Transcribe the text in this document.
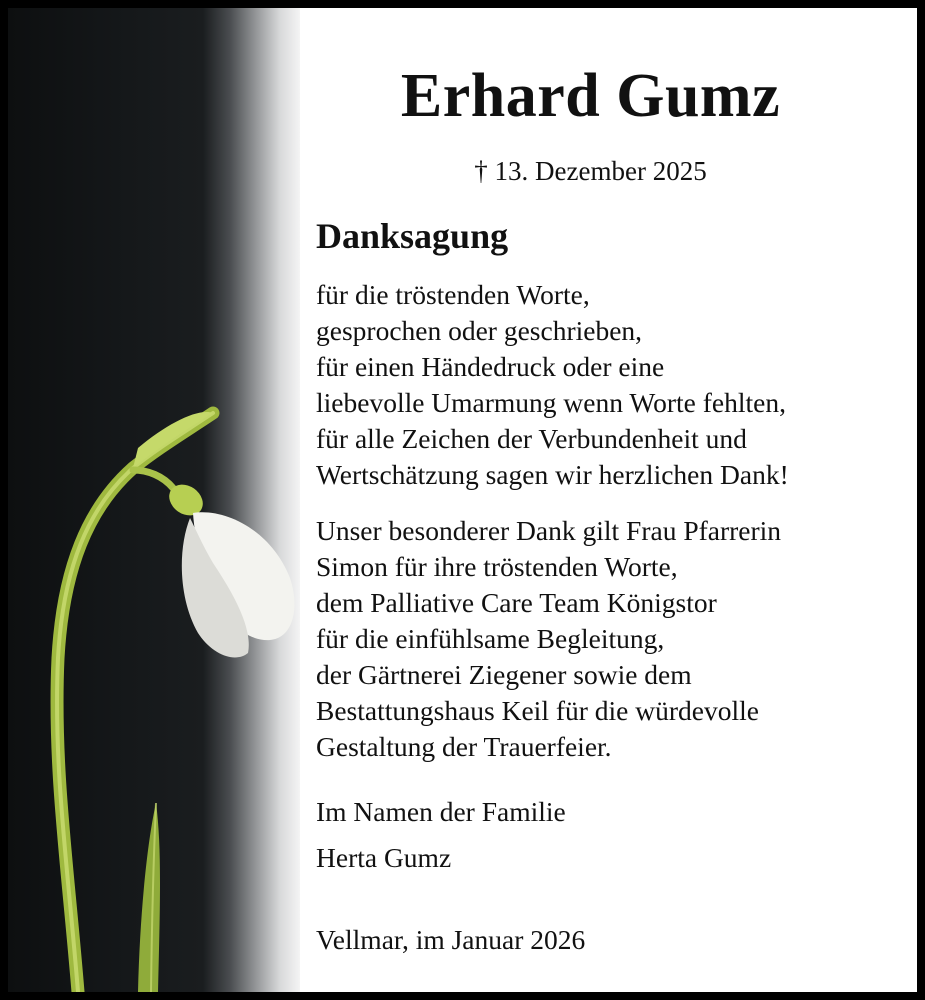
Erhard Gumz
† 13. Dezember 2025
Danksagung
für die tröstenden Worte,
gesprochen oder geschrieben,
für einen Händedruck oder eine
liebevolle Umarmung wenn Worte fehlten,
für alle Zeichen der Verbundenheit und
Wertschätzung sagen wir herzlichen Dank!
Unser besonderer Dank gilt Frau Pfarrerin
Simon für ihre tröstenden Worte,
dem Palliative Care Team Königstor
für die einfühlsame Begleitung,
der Gärtnerei Ziegener sowie dem
Bestattungshaus Keil für die würdevolle
Gestaltung der Trauerfeier.
Im Namen der Familie
Herta Gumz
Vellmar, im Januar 2026
